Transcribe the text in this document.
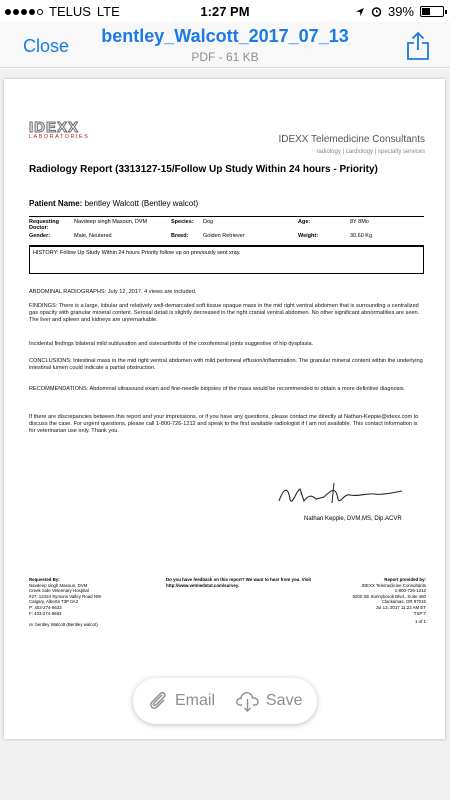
TELUS LTE	1:27 PM	39%
Close	bentley_Walcott_2017_07_13
PDF - 61 KB
IDEXX
LABORATORIES	IDEXX Telemedicine Consultants
radiology | cardiology | specialty services
Radiology Report (3313127-15/Follow Up Study Within 24 hours - Priority)
Patient Name: bentley Walcott (Bentley walcot)
Requesting Doctor:
Navdeep singh Masoun, DVM	Species:	Dog	Age:	8Y 8Mo
Gender:	Male, Neutered	Breed:	Golden Retriever	Weight:	30.60 Kg
HISTORY: Follow Up Study Within 24 hours Priority follow up on previously sent xray.
ABDOMINAL RADIOGRAPHS: July 12, 2017. 4 views are included.
FINDINGS: There is a large, lobular and relatively well-demarcated soft tissue opaque mass in the mid right ventral abdomen that is surrounding a centralized gas opacity with granular mineral content. Serosal detail is slightly decreased in the right cranial ventral abdomen. No other significant abnormalities are seen. The liver and spleen and kidneys are unremarkable.
Incidental findings bilateral mild subluxation and osteoarthritis of the coxofemoral joints suggestive of hip dysplasia.
CONCLUSIONS: Intestinal mass in the mid right ventral abdomen with mild peritoneal effusion/inflammation. The granular mineral content within the underlying intestinal lumen could indicate a partial obstruction.
RECOMMENDATIONS: Abdominal ultrasound exam and fine-needle biopsies of the mass would be recommended to obtain a more definitive diagnosis.
If there are discrepancies between this report and your impressions, or if you have any questions, please contact me directly at Nathan-Keppie@idexx.com to discuss the case. For urgent questions, please call 1-800-726-1212 and speak to the first available radiologist if I am not available. This contact information is for veterinarian use only. Thank you.
Nathan Keppie, DVM,MS, Dip.ACVR
Requested By:
Navdeep singh Masoun, DVM
Creek Side Veterinary Hospital
#27, 12424 Symons Valley Road NW
Calgary, Alberta T3P 0A3
P: 403-274-8633
F: 403-274-8683
re: bentley Walcott (Bentley walcot)
Do you have feedback on this report? We want to hear from you. Visit
http://www.vetmedstat.com/survey.
Report provided by:
IDEXX Telemedicine Consultants
1-800-726-1212
9200 SE Sunnybrook Blvd., Suite 460
Clackamas, OR 97015
Jul 13, 2017 11:23 AM ET
TSP:7
1 of 1
Email	Save
